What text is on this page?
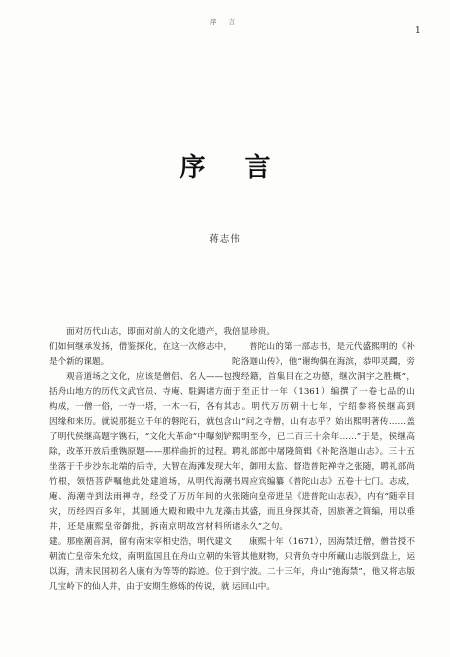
序 言
1
序 言
蒋志伟

面对历代山志，即面对前人的文化遗产，我们如何继承发扬，借鉴探化，在这一次修志中，是个新的课题。

观音道场之文化，应该是僧侣、名人——包括舟山地方的历代文武官员、寺庵、駐錫诸方面构成，一僧一俗，一寺一塔，一木一石，各有其因缘和来历。就说那挺立千年的磐陀石，就包含了明代侯继高题字镌石，“文化大革命”中曝刻铲除，改革开放后重镌原题——那样曲折的过程。坐落于千步沙东北端的后寺，大智在海滩发现大竹根，领悟菩萨嘱他此处建道场，从明代海潮庵、海潮寺到法雨禅寺，经受了万历年间的火灾，历经四百多年，其圆通大殿和殿中九龙藻井，还是康熙皇帝御批，拆南京明故宫材料所建。那座潮音洞，留有南宋宰相史浩，明代建文朝流亡皇帝朱允炆，南明监国且在舟山立朝的朱以海，清末民国初名人康有为等等的踪迹。位于几宝岭下的仙人井，由于安期生修炼的传说，就

倍显珍贵。

普陀山的第一部志书，是元代盛熙明的《补陀洛迦山传》，他“谢绚偶在海滨，恭叩灵躅，旁搜经籍，首集目在之功德，继次洞宇之胜概”，于至正廿一年（1361）编撰了一卷七品的山志。明代万历朝十七年，宁绍参将侯继高到山“问之寺僧，山有志乎？始出熙明著传……盖熙明至今，已二百三十余年……”于是，侯继高聘礼部郎中屠隆简辑《补陀洛迦山志》。三十五年，御用太监、督造普陀禅寺之张随，聘礼部尚书周应宾编纂《普陀山志》五卷十七门。志成，张随向皇帝进呈《进普陀山志表》，内有“随幸目击其盛，而且身探其奇，因旅著之简编，用以垂诸永久”之句。

康熙十年（1671），因海禁迁僧，僧昔授不管其他财物，只背负寺中所藏山志版到盘上，运到宁波。二十三年，舟山“弛海禁”，他又将志版运回山中。
